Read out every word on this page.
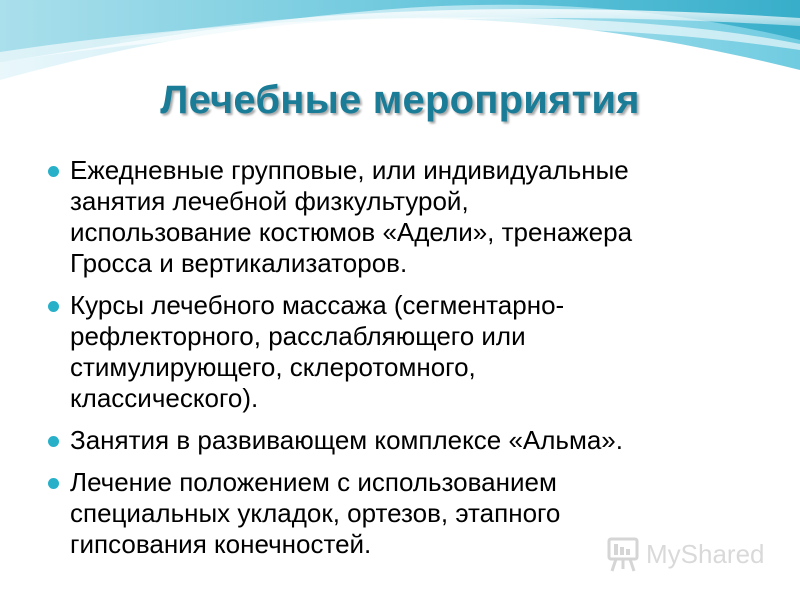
Лечебные мероприятия
Ежедневные групповые, или индивидуальные
занятия лечебной физкультурой,
использование костюмов «Адели», тренажера
Гросса и вертикализаторов.
Курсы лечебного массажа (сегментарно-
рефлекторного, расслабляющего или
стимулирующего, склеротомного,
классического).
Занятия в развивающем комплексе «Альма».
Лечение положением с использованием
специальных укладок, ортезов, этапного
гипсования конечностей.	MyShared
